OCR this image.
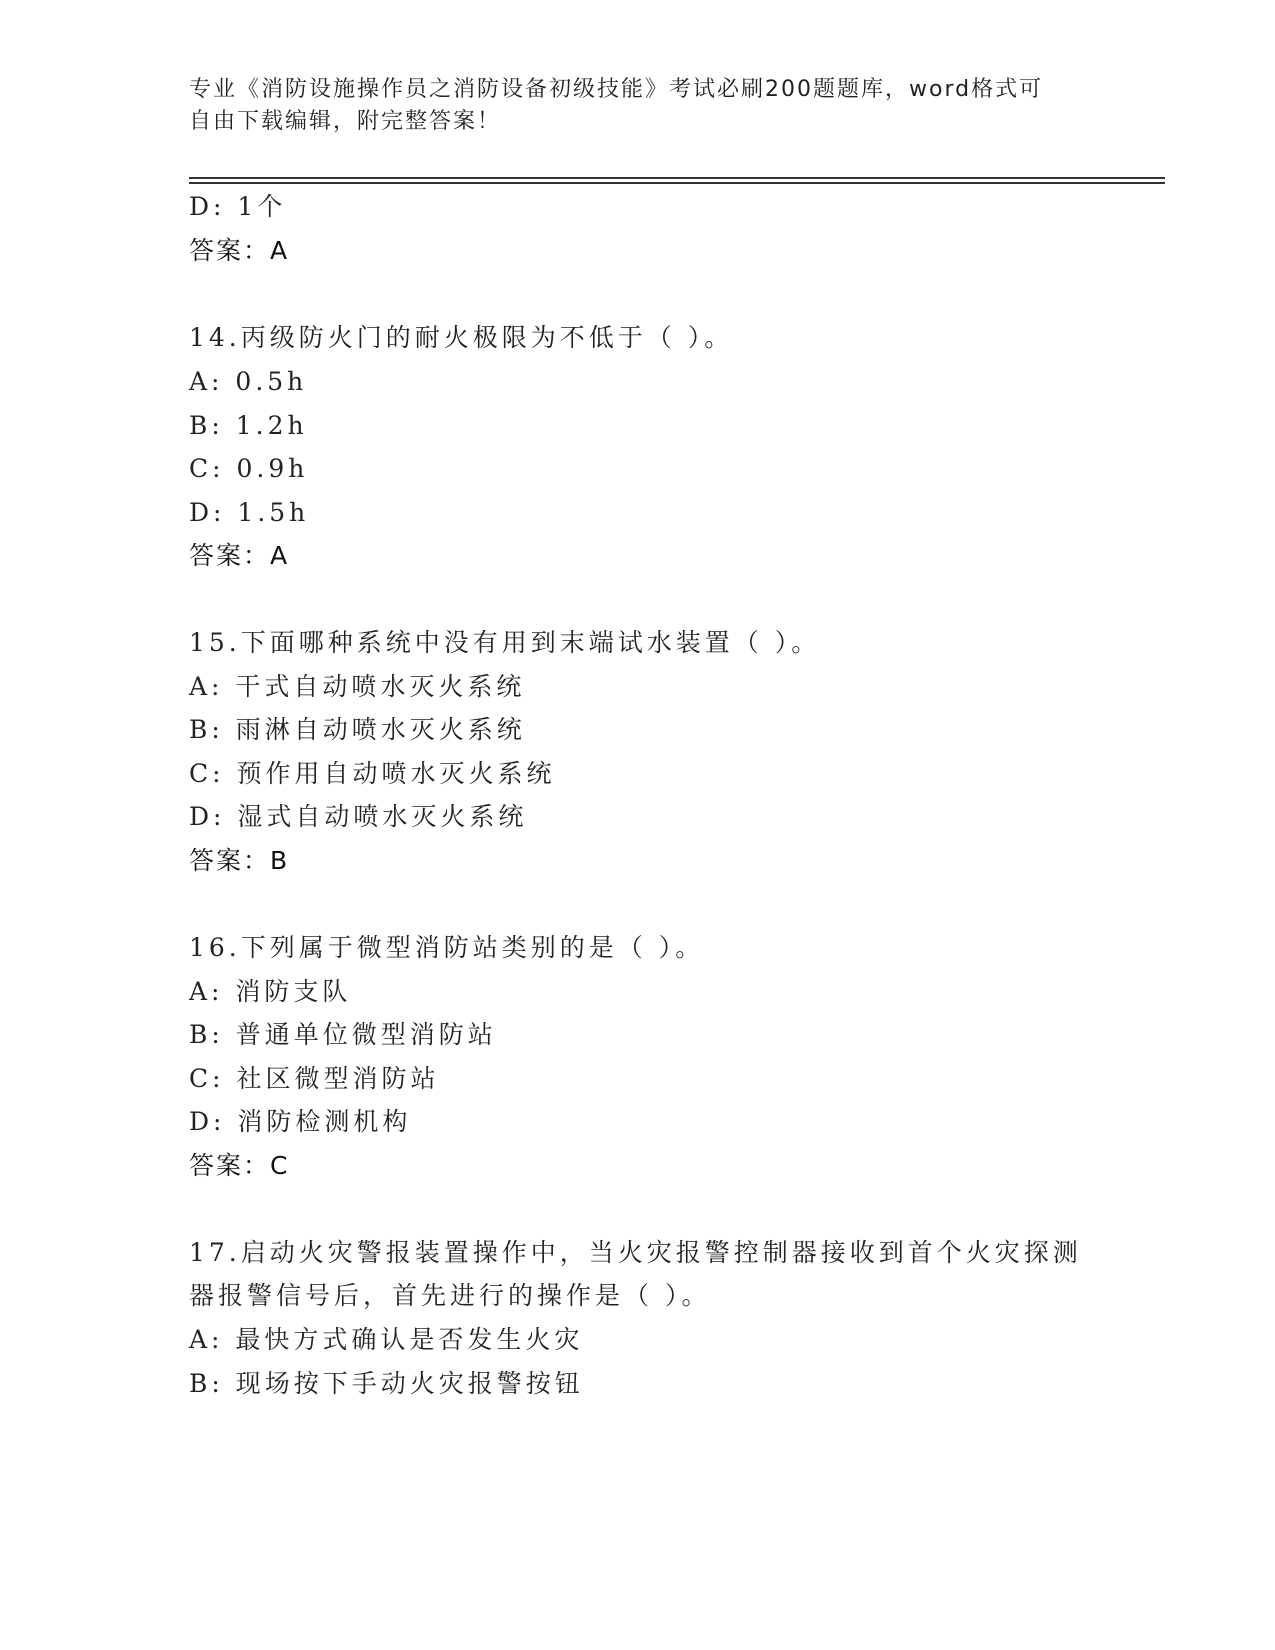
专业《消防设施操作员之消防设备初级技能》考试必刷200题题库，word格式可
自由下载编辑，附完整答案！
D: 1个
答案：A
14.丙级防火门的耐火极限为不低于（ ）。
A: 0.5h
B: 1.2h
C: 0.9h
D: 1.5h
答案：A
15.下面哪种系统中没有用到末端试水装置（ ）。
A: 干式自动喷水灭火系统
B: 雨淋自动喷水灭火系统
C: 预作用自动喷水灭火系统
D: 湿式自动喷水灭火系统
答案：B
16.下列属于微型消防站类别的是（ ）。
A: 消防支队
B: 普通单位微型消防站
C: 社区微型消防站
D: 消防检测机构
答案：C
17.启动火灾警报装置操作中，当火灾报警控制器接收到首个火灾探测
器报警信号后，首先进行的操作是（ ）。
A: 最快方式确认是否发生火灾
B: 现场按下手动火灾报警按钮
